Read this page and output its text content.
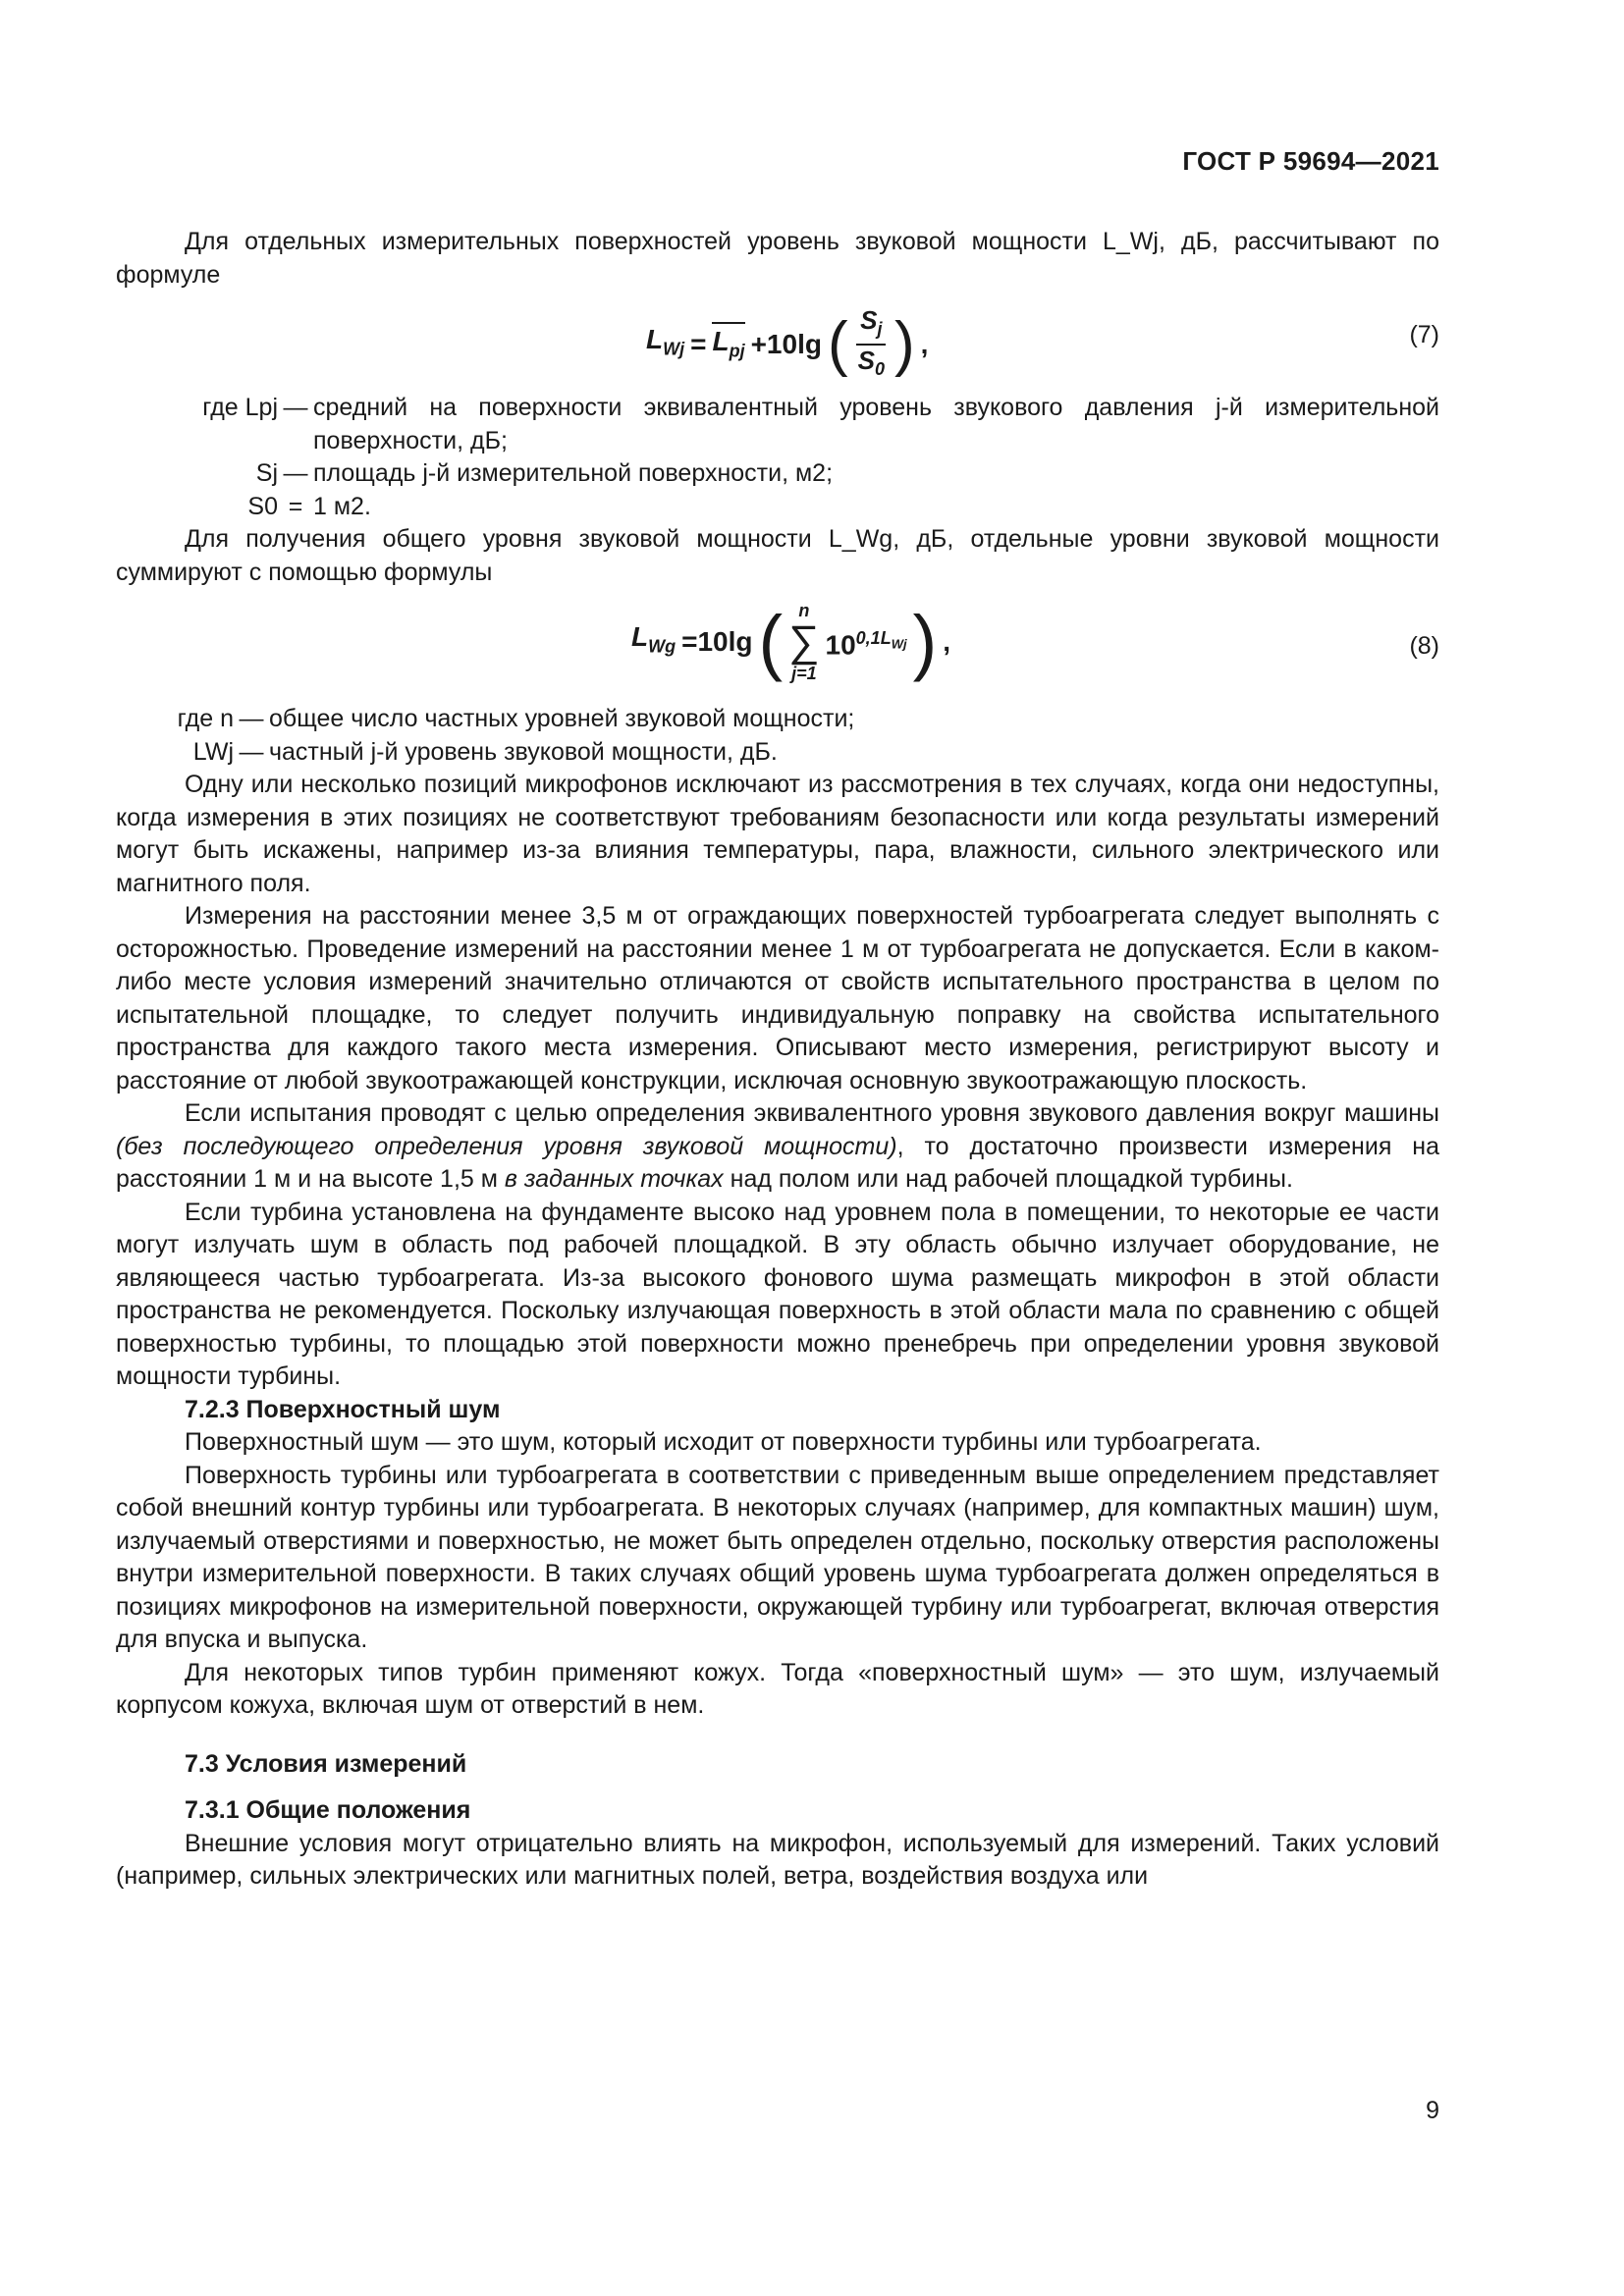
ГОСТ Р 59694—2021

Для отдельных измерительных поверхностей уровень звуковой мощности L_Wj, дБ, рассчитывают по формуле

$L_{Wj} = L_{pj} +10\lg$ ( $\frac{S_j}{S_0}$ ) ,	(7)
где Lpj — средний на поверхности эквивалентный уровень звукового давления j-й измерительной поверхности, дБ;
Sj — площадь j-й измерительной поверхности, м2;
S0 = 1 м2.

Для получения общего уровня звуковой мощности L_Wg, дБ, отдельные уровни звуковой мощности суммируют с помощью формулы

$L_{Wg} =10\lg$ ( n
∑
j=1
$10^{0,1L_{Wj}}$ ) ,	(8)
где n — общее число частных уровней звуковой мощности;
LWj — частный j-й уровень звуковой мощности, дБ.

Одну или несколько позиций микрофонов исключают из рассмотрения в тех случаях, когда они недоступны, когда измерения в этих позициях не соответствуют требованиям безопасности или когда результаты измерений могут быть искажены, например из-за влияния температуры, пара, влажности, сильного электрического или магнитного поля.

Измерения на расстоянии менее 3,5 м от ограждающих поверхностей турбоагрегата следует выполнять с осторожностью. Проведение измерений на расстоянии менее 1 м от турбоагрегата не допускается. Если в каком-либо месте условия измерений значительно отличаются от свойств испытательного пространства в целом по испытательной площадке, то следует получить индивидуальную поправку на свойства испытательного пространства для каждого такого места измерения. Описывают место измерения, регистрируют высоту и расстояние от любой звукоотражающей конструкции, исключая основную звукоотражающую плоскость.

Если испытания проводят с целью определения эквивалентного уровня звукового давления вокруг машины (без последующего определения уровня звуковой мощности), то достаточно произвести измерения на расстоянии 1 м и на высоте 1,5 м в заданных точках над полом или над рабочей площадкой турбины.

Если турбина установлена на фундаменте высоко над уровнем пола в помещении, то некоторые ее части могут излучать шум в область под рабочей площадкой. В эту область обычно излучает оборудование, не являющееся частью турбоагрегата. Из-за высокого фонового шума размещать микрофон в этой области пространства не рекомендуется. Поскольку излучающая поверхность в этой области мала по сравнению с общей поверхностью турбины, то площадью этой поверхности можно пренебречь при определении уровня звуковой мощности турбины.

7.2.3 Поверхностный шум

Поверхностный шум — это шум, который исходит от поверхности турбины или турбоагрегата.

Поверхность турбины или турбоагрегата в соответствии с приведенным выше определением представляет собой внешний контур турбины или турбоагрегата. В некоторых случаях (например, для компактных машин) шум, излучаемый отверстиями и поверхностью, не может быть определен отдельно, поскольку отверстия расположены внутри измерительной поверхности. В таких случаях общий уровень шума турбоагрегата должен определяться в позициях микрофонов на измерительной поверхности, окружающей турбину или турбоагрегат, включая отверстия для впуска и выпуска.

Для некоторых типов турбин применяют кожух. Тогда «поверхностный шум» — это шум, излучаемый корпусом кожуха, включая шум от отверстий в нем.

7.3 Условия измерений

7.3.1 Общие положения

Внешние условия могут отрицательно влиять на микрофон, используемый для измерений. Таких условий (например, сильных электрических или магнитных полей, ветра, воздействия воздуха или

9
